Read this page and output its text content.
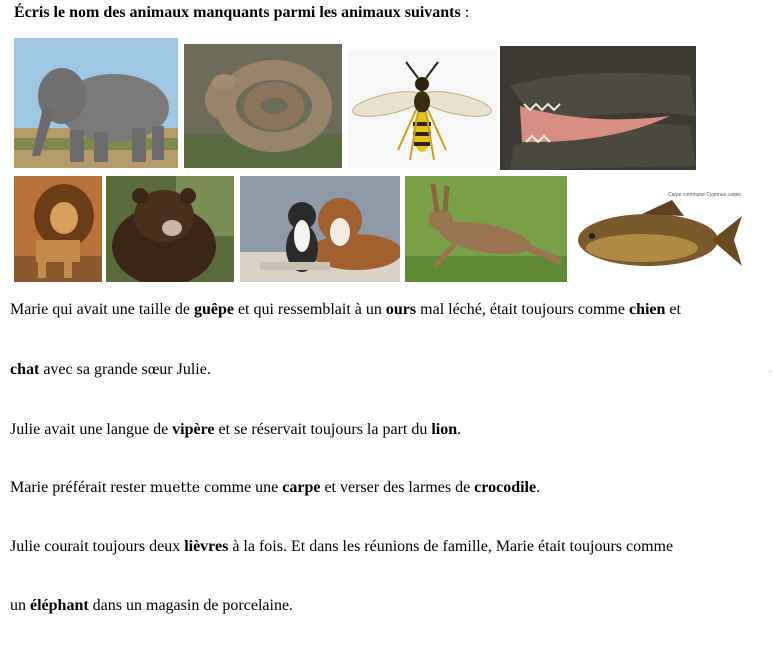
Écris le nom des animaux manquants parmi les animaux suivants :

Carpe commune Cyprinus carpio

Marie qui avait une taille de guêpe et qui ressemblait à un ours mal léché, était toujours comme chien et

chat avec sa grande sœur Julie.	.

Julie avait une langue de vipère et se réservait toujours la part du lion.

Marie préférait rester muette comme une carpe et verser des larmes de crocodile.

Julie courait toujours deux lièvres à la fois. Et dans les réunions de famille, Marie était toujours comme

un éléphant dans un magasin de porcelaine.
